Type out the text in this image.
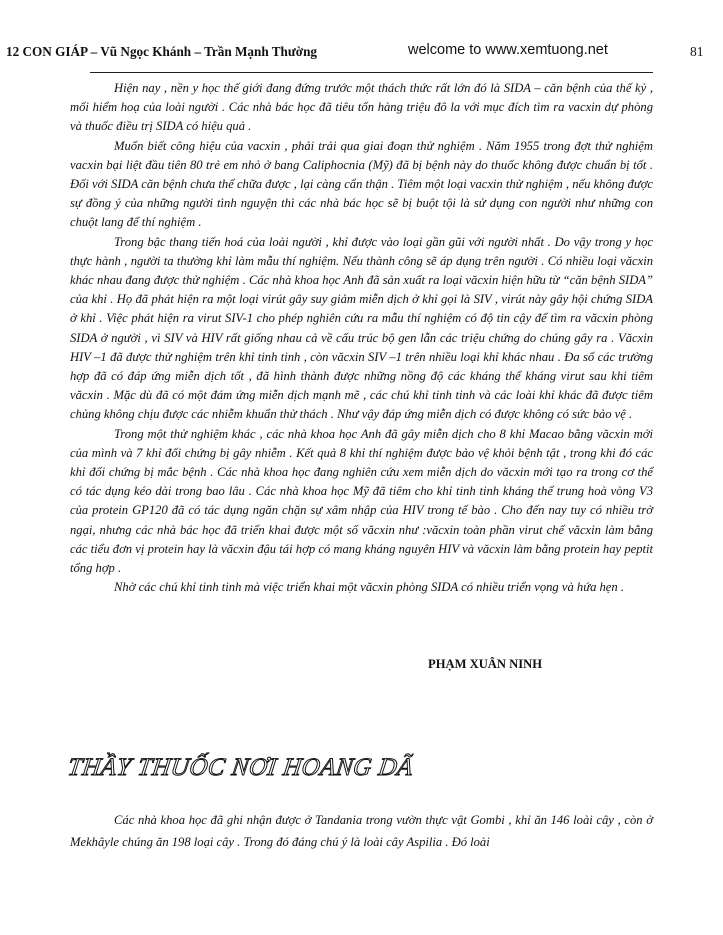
12 CON GIÁP – Vũ Ngọc Khánh – Trần Mạnh Thường	welcome to www.xemtuong.net	81

Hiện nay , nền y học thế giới đang đứng trước một thách thức rất lớn đó là SIDA – căn bệnh của thế kỷ , mối hiểm hoạ của loài người . Các nhà bác học đã tiêu tốn hàng triệu đô la với mục đích tìm ra vacxin dự phòng và thuốc điều trị SIDA có hiệu quả .

Muốn biết công hiệu của vacxin , phải trải qua giai đoạn thử nghiệm . Năm 1955 trong đợt thử nghiệm vacxin bại liệt đầu tiên 80 trẻ em nhỏ ở bang Caliphocnia (Mỹ) đã bị bệnh này do thuốc không được chuẩn bị tốt . Đối với SIDA căn bệnh chưa thể chữa được , lại càng cẩn thận . Tiêm một loại vacxin thử nghiệm , nếu không được sự đồng ý của những người tình nguyện thì các nhà bác học sẽ bị buột tội là sử dụng con người như những con chuột lang để thí nghiệm .

Trong bậc thang tiến hoá của loài người , khỉ được vào loại gần gũi với người nhất . Do vậy trong y học thực hành , người ta thường khỉ làm mẫu thí nghiệm. Nếu thành công sẽ áp dụng trên người . Có nhiều loại văcxin khác nhau đang được thử nghiệm . Các nhà khoa học Anh đã sản xuất ra loại văcxin hiện hữu từ “căn bệnh SIDA” của khỉ . Họ đã phát hiện ra một loại virút gây suy giảm miễn dịch ở khỉ gọi là SIV , virút này gây hội chứng SIDA ở khỉ . Việc phát hiện ra virut SIV-1 cho phép nghiên cứu ra mẫu thí nghiệm có độ tin cậy để tìm ra văcxin phòng SIDA ở người , vì SIV và HIV rất giống nhau cả về cấu trúc bộ gen lẫn các triệu chứng do chúng gây ra . Văcxin HIV –1 đã được thử nghiệm trên khỉ tinh tinh , còn văcxin SIV –1 trên nhiều loại khỉ khác nhau . Đa số các trường hợp đã có đáp ứng miễn dịch tốt , đã hình thành được những nồng độ các kháng thể kháng virut sau khi tiêm văcxin . Mặc dù đã có một đám ứng miễn dịch mạnh mẽ , các chú khỉ tinh tinh và các loài khỉ khác đã được tiêm chủng không chịu được các nhiễm khuẩn thử thách . Như vậy đáp ứng miễn dịch có được không có sức bảo vệ .

Trong một thử nghiệm khác , các nhà khoa học Anh đã gây miễn dịch cho 8 khỉ Macao bằng văcxin mới của mình và 7 khỉ đối chứng bị gây nhiễm . Kết quả 8 khỉ thí nghiệm được bảo vệ khỏi bệnh tật , trong khi đó các khỉ đối chứng bị mắc bệnh . Các nhà khoa học đang nghiên cứu xem miễn dịch do văcxin mới tạo ra trong cơ thể có tác dụng kéo dài trong bao lâu . Các nhà khoa học Mỹ đã tiêm cho khỉ tinh tinh kháng thể trung hoà vòng V3 của protein GP120 đã có tác dụng ngăn chặn sự xâm nhập của HIV trong tế bào . Cho đến nay tuy có nhiều trở ngại, nhưng các nhà bác học đã triển khai được một số văcxin như :văcxin toàn phần virut chế văcxin làm bằng các tiểu đơn vị protein hay là văcxin đậu tái hợp có mang kháng nguyên HIV và văcxin làm bằng protein hay peptit tổng hợp .

Nhờ các chú khỉ tinh tinh mà việc triển khai một văcxin phòng SIDA có nhiều triển vọng và hứa hẹn .

PHẠM XUÂN NINH
THẦY THUỐC NƠI HOANG DÃ

Các nhà khoa học đã ghi nhận được ở Tandania trong vườn thực vật Gombi , khỉ ăn 146 loài cây , còn ở Mekhâyle chúng ăn 198 loại cây . Trong đó đáng chú ý là loài cây Aspilia . Đó loài
